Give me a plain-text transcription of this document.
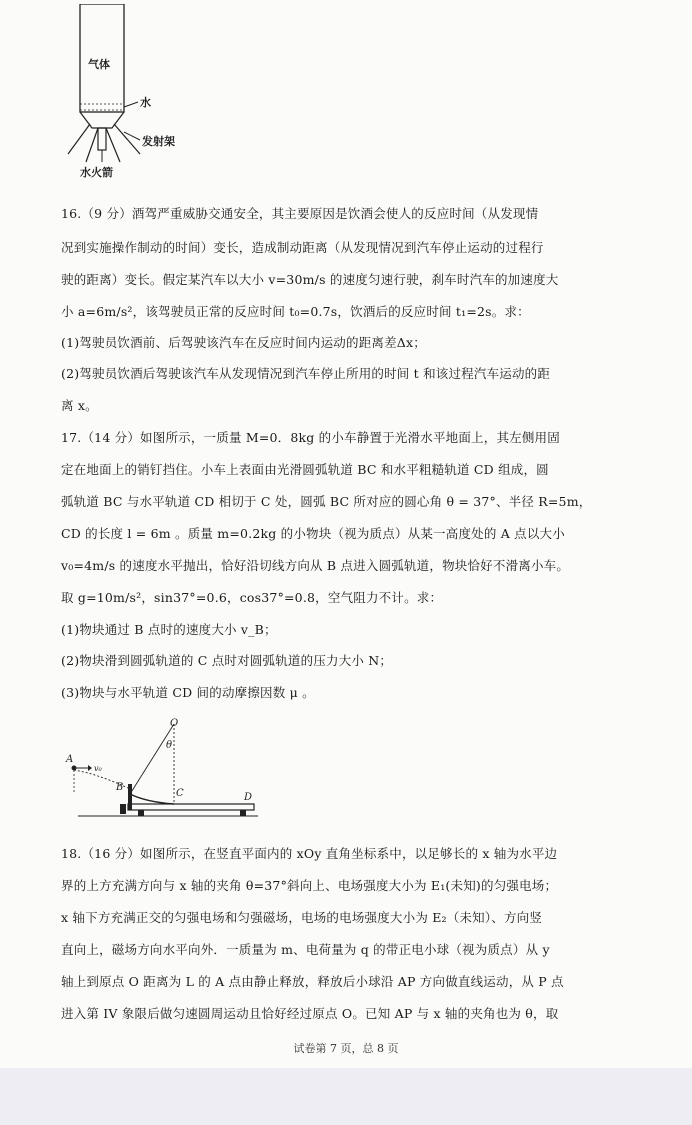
气体
水
发射架
水火箭
16.（9 分）酒驾严重威胁交通安全，其主要原因是饮酒会使人的反应时间（从发现情
况到实施操作制动的时间）变长，造成制动距离（从发现情况到汽车停止运动的过程行
驶的距离）变长。假定某汽车以大小 v=30m/s 的速度匀速行驶，刹车时汽车的加速度大
小 a=6m/s²，该驾驶员正常的反应时间 t₀=0.7s，饮酒后的反应时间 t₁=2s。求：
(1)驾驶员饮酒前、后驾驶该汽车在反应时间内运动的距离差Δx；
(2)驾驶员饮酒后驾驶该汽车从发现情况到汽车停止所用的时间 t 和该过程汽车运动的距
离 x。
17.（14 分）如图所示，一质量 M=0．8kg 的小车静置于光滑水平地面上，其左侧用固
定在地面上的销钉挡住。小车上表面由光滑圆弧轨道 BC 和水平粗糙轨道 CD 组成，圆
弧轨道 BC 与水平轨道 CD 相切于 C 处，圆弧 BC 所对应的圆心角 θ = 37°、半径 R=5m，
CD 的长度 l = 6m 。质量 m=0.2kg 的小物块（视为质点）从某一高度处的 A 点以大小
v₀=4m/s 的速度水平抛出，恰好沿切线方向从 B 点进入圆弧轨道，物块恰好不滑离小车。
取 g=10m/s²，sin37°=0.6，cos37°=0.8，空气阻力不计。求：
(1)物块通过 B 点时的速度大小 v_B；
(2)物块滑到圆弧轨道的 C 点时对圆弧轨道的压力大小 N；
(3)物块与水平轨道 CD 间的动摩擦因数 μ 。
O
θ
A
v₀
B
C	D
18.（16 分）如图所示，在竖直平面内的 xOy 直角坐标系中，以足够长的 x 轴为水平边
界的上方充满方向与 x 轴的夹角 θ=37°斜向上、电场强度大小为 E₁(未知)的匀强电场；
x 轴下方充满正交的匀强电场和匀强磁场，电场的电场强度大小为 E₂（未知）、方向竖
直向上，磁场方向水平向外．一质量为 m、电荷量为 q 的带正电小球（视为质点）从 y
轴上到原点 O 距离为 L 的 A 点由静止释放，释放后小球沿 AP 方向做直线运动，从 P 点
进入第 IV 象限后做匀速圆周运动且恰好经过原点 O。已知 AP 与 x 轴的夹角也为 θ，取
试卷第 7 页，总 8 页
